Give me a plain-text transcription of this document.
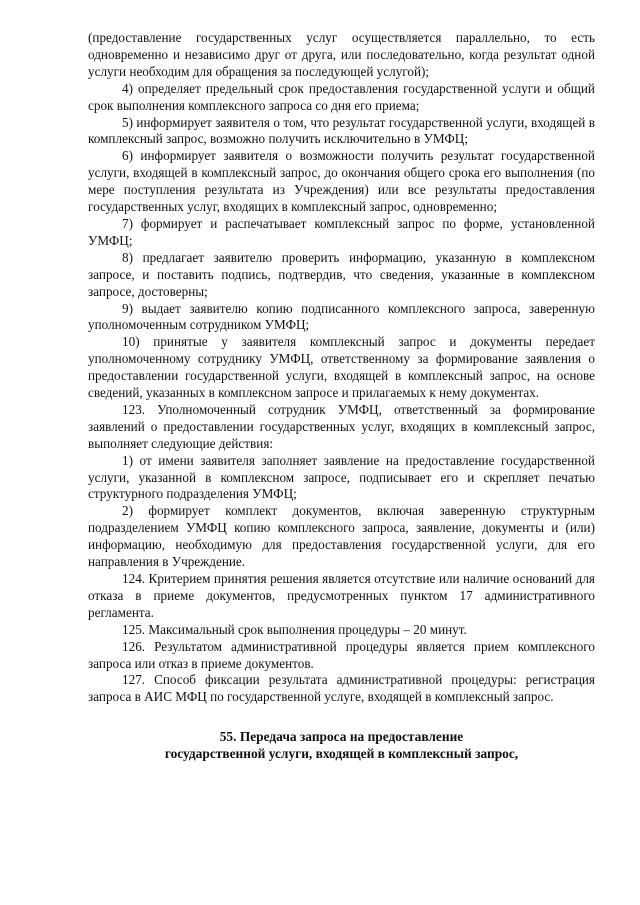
(предоставление государственных услуг осуществляется параллельно, то есть одновременно и независимо друг от друга, или последовательно, когда результат одной услуги необходим для обращения за последующей услугой);

4) определяет предельный срок предоставления государственной услуги и общий срок выполнения комплексного запроса со дня его приема;

5) информирует заявителя о том, что результат государственной услуги, входящей в комплексный запрос, возможно получить исключительно в УМФЦ;

6) информирует заявителя о возможности получить результат государственной услуги, входящей в комплексный запрос, до окончания общего срока его выполнения (по мере поступления результата из Учреждения) или все результаты предоставления государственных услуг, входящих в комплексный запрос, одновременно;

7) формирует и распечатывает комплексный запрос по форме, установленной УМФЦ;

8) предлагает заявителю проверить информацию, указанную в комплексном запросе, и поставить подпись, подтвердив, что сведения, указанные в комплексном запросе, достоверны;

9) выдает заявителю копию подписанного комплексного запроса, заверенную уполномоченным сотрудником УМФЦ;

10) принятые у заявителя комплексный запрос и документы передает уполномоченному сотруднику УМФЦ, ответственному за формирование заявления о предоставлении государственной услуги, входящей в комплексный запрос, на основе сведений, указанных в комплексном запросе и прилагаемых к нему документах.

123. Уполномоченный сотрудник УМФЦ, ответственный за формирование заявлений о предоставлении государственных услуг, входящих в комплексный запрос, выполняет следующие действия:

1) от имени заявителя заполняет заявление на предоставление государственной услуги, указанной в комплексном запросе, подписывает его и скрепляет печатью структурного подразделения УМФЦ;

2) формирует комплект документов, включая заверенную структурным подразделением УМФЦ копию комплексного запроса, заявление, документы и (или) информацию, необходимую для предоставления государственной услуги, для его направления в Учреждение.

124. Критерием принятия решения является отсутствие или наличие оснований для отказа в приеме документов, предусмотренных пунктом 17 административного регламента.

125. Максимальный срок выполнения процедуры – 20 минут.

126. Результатом административной процедуры является прием комплексного запроса или отказ в приеме документов.

127. Способ фиксации результата административной процедуры: регистрация запроса в АИС МФЦ по государственной услуге, входящей в комплексный запрос.

55. Передача запроса на предоставление
государственной услуги, входящей в комплексный запрос,
